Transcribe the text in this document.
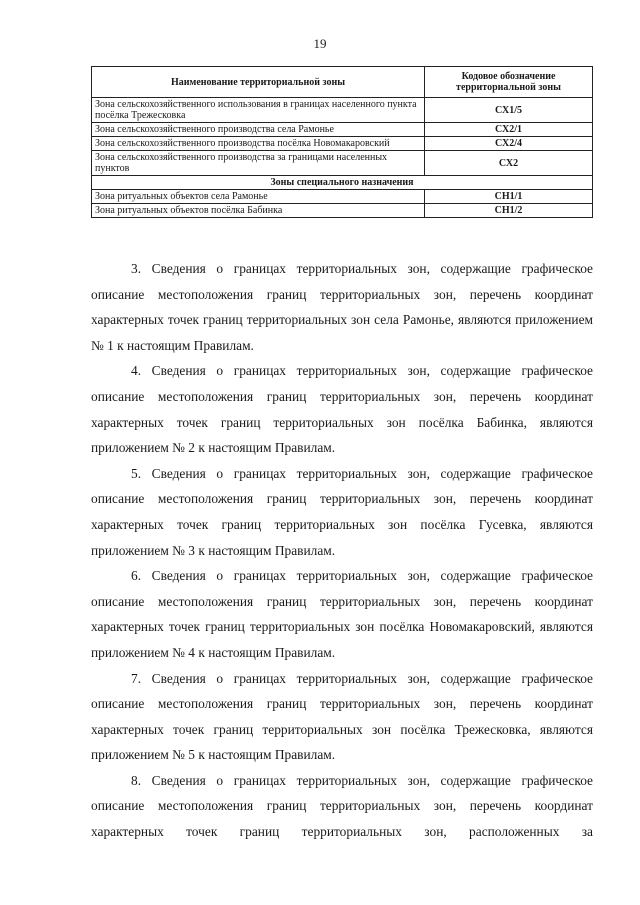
19
Наименование территориальной зоны	Кодовое обозначение территориальной зоны
Зона сельскохозяйственного использования в границах населенного пункта посёлка Трежесковка	СХ1/5
Зона сельскохозяйственного производства села Рамонье	СХ2/1
Зона сельскохозяйственного производства посёлка Новомакаровский	СХ2/4
Зона сельскохозяйственного производства за границами населенных пунктов	СХ2
Зоны специального назначения	
Зона ритуальных объектов села Рамонье	СН1/1
Зона ритуальных объектов посёлка Бабинка	СН1/2

3. Сведения о границах территориальных зон, содержащие графическое описание местоположения границ территориальных зон, перечень координат характерных точек границ территориальных зон села Рамонье, являются приложением № 1 к настоящим Правилам.

4. Сведения о границах территориальных зон, содержащие графическое описание местоположения границ территориальных зон, перечень координат характерных точек границ территориальных зон посёлка Бабинка, являются приложением № 2 к настоящим Правилам.

5. Сведения о границах территориальных зон, содержащие графическое описание местоположения границ территориальных зон, перечень координат характерных точек границ территориальных зон посёлка Гусевка, являются приложением № 3 к настоящим Правилам.

6. Сведения о границах территориальных зон, содержащие графическое описание местоположения границ территориальных зон, перечень координат характерных точек границ территориальных зон посёлка Новомакаровский, являются приложением № 4 к настоящим Правилам.

7. Сведения о границах территориальных зон, содержащие графическое описание местоположения границ территориальных зон, перечень координат характерных точек границ территориальных зон посёлка Трежесковка, являются приложением № 5 к настоящим Правилам.

8. Сведения о границах территориальных зон, содержащие графическое описание местоположения границ территориальных зон, перечень координат характерных точек границ территориальных зон, расположенных за
